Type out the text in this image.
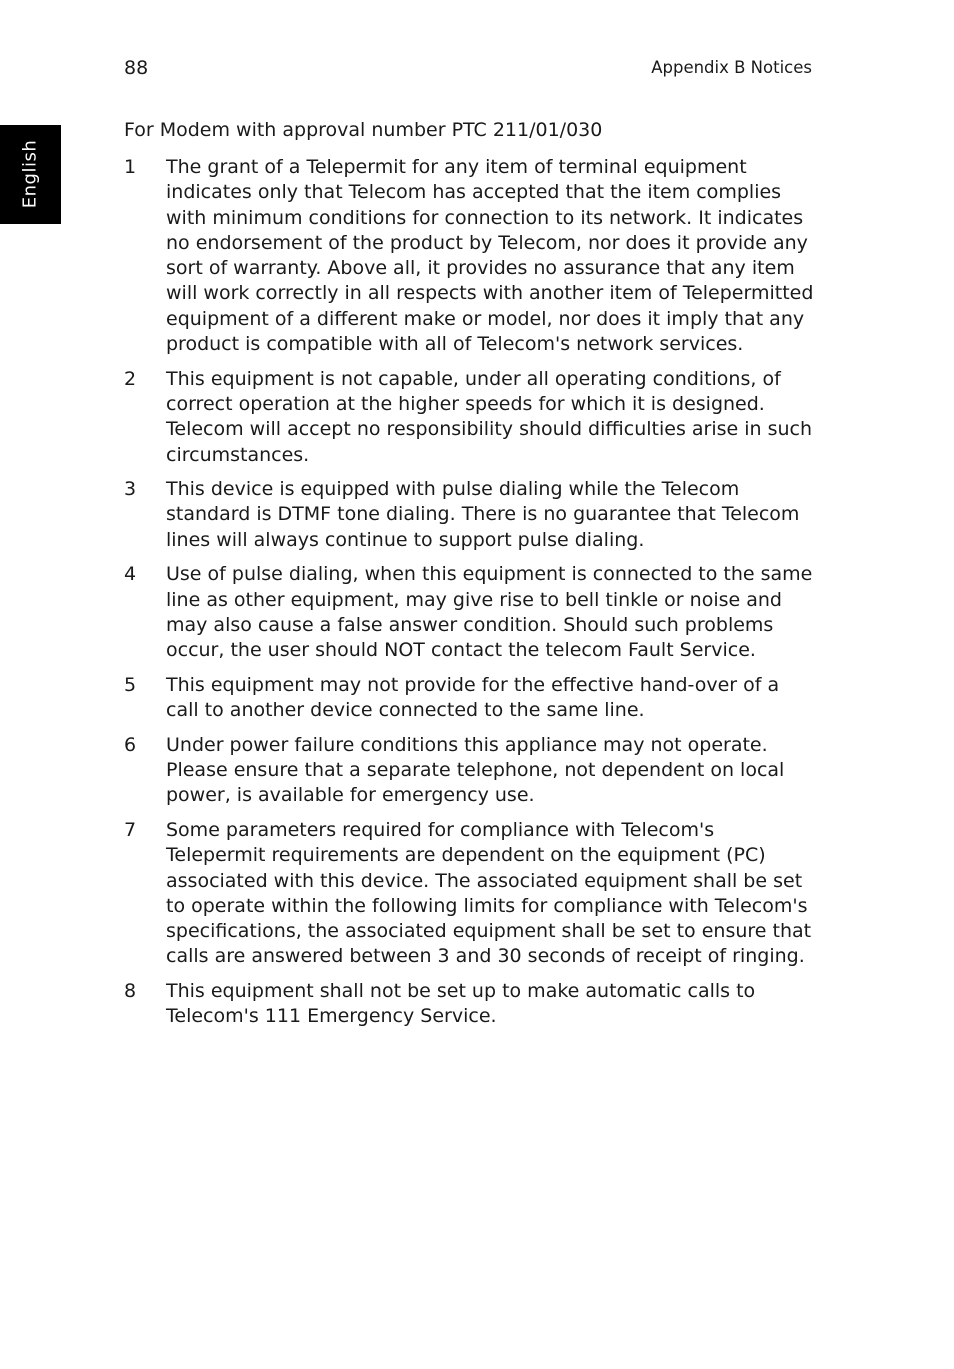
88	Appendix B Notices
English

For Modem with approval number PTC 211/01/030

1 The grant of a Telepermit for any item of terminal equipment indicates only that Telecom has accepted that the item complies with minimum conditions for connection to its network. It indicates no endorsement of the product by Telecom, nor does it provide any sort of warranty. Above all, it provides no assurance that any item will work correctly in all respects with another item of Telepermitted equipment of a different make or model, nor does it imply that any product is compatible with all of Telecom's network services.
2 This equipment is not capable, under all operating conditions, of correct operation at the higher speeds for which it is designed. Telecom will accept no responsibility should difficulties arise in such circumstances.
3 This device is equipped with pulse dialing while the Telecom standard is DTMF tone dialing. There is no guarantee that Telecom lines will always continue to support pulse dialing.
4 Use of pulse dialing, when this equipment is connected to the same line as other equipment, may give rise to bell tinkle or noise and may also cause a false answer condition. Should such problems occur, the user should NOT contact the telecom Fault Service.
5 This equipment may not provide for the effective hand-over of a call to another device connected to the same line.
6 Under power failure conditions this appliance may not operate. Please ensure that a separate telephone, not dependent on local power, is available for emergency use.
7 Some parameters required for compliance with Telecom's Telepermit requirements are dependent on the equipment (PC) associated with this device. The associated equipment shall be set to operate within the following limits for compliance with Telecom's specifications, the associated equipment shall be set to ensure that calls are answered between 3 and 30 seconds of receipt of ringing.
8 This equipment shall not be set up to make automatic calls to Telecom's 111 Emergency Service.
